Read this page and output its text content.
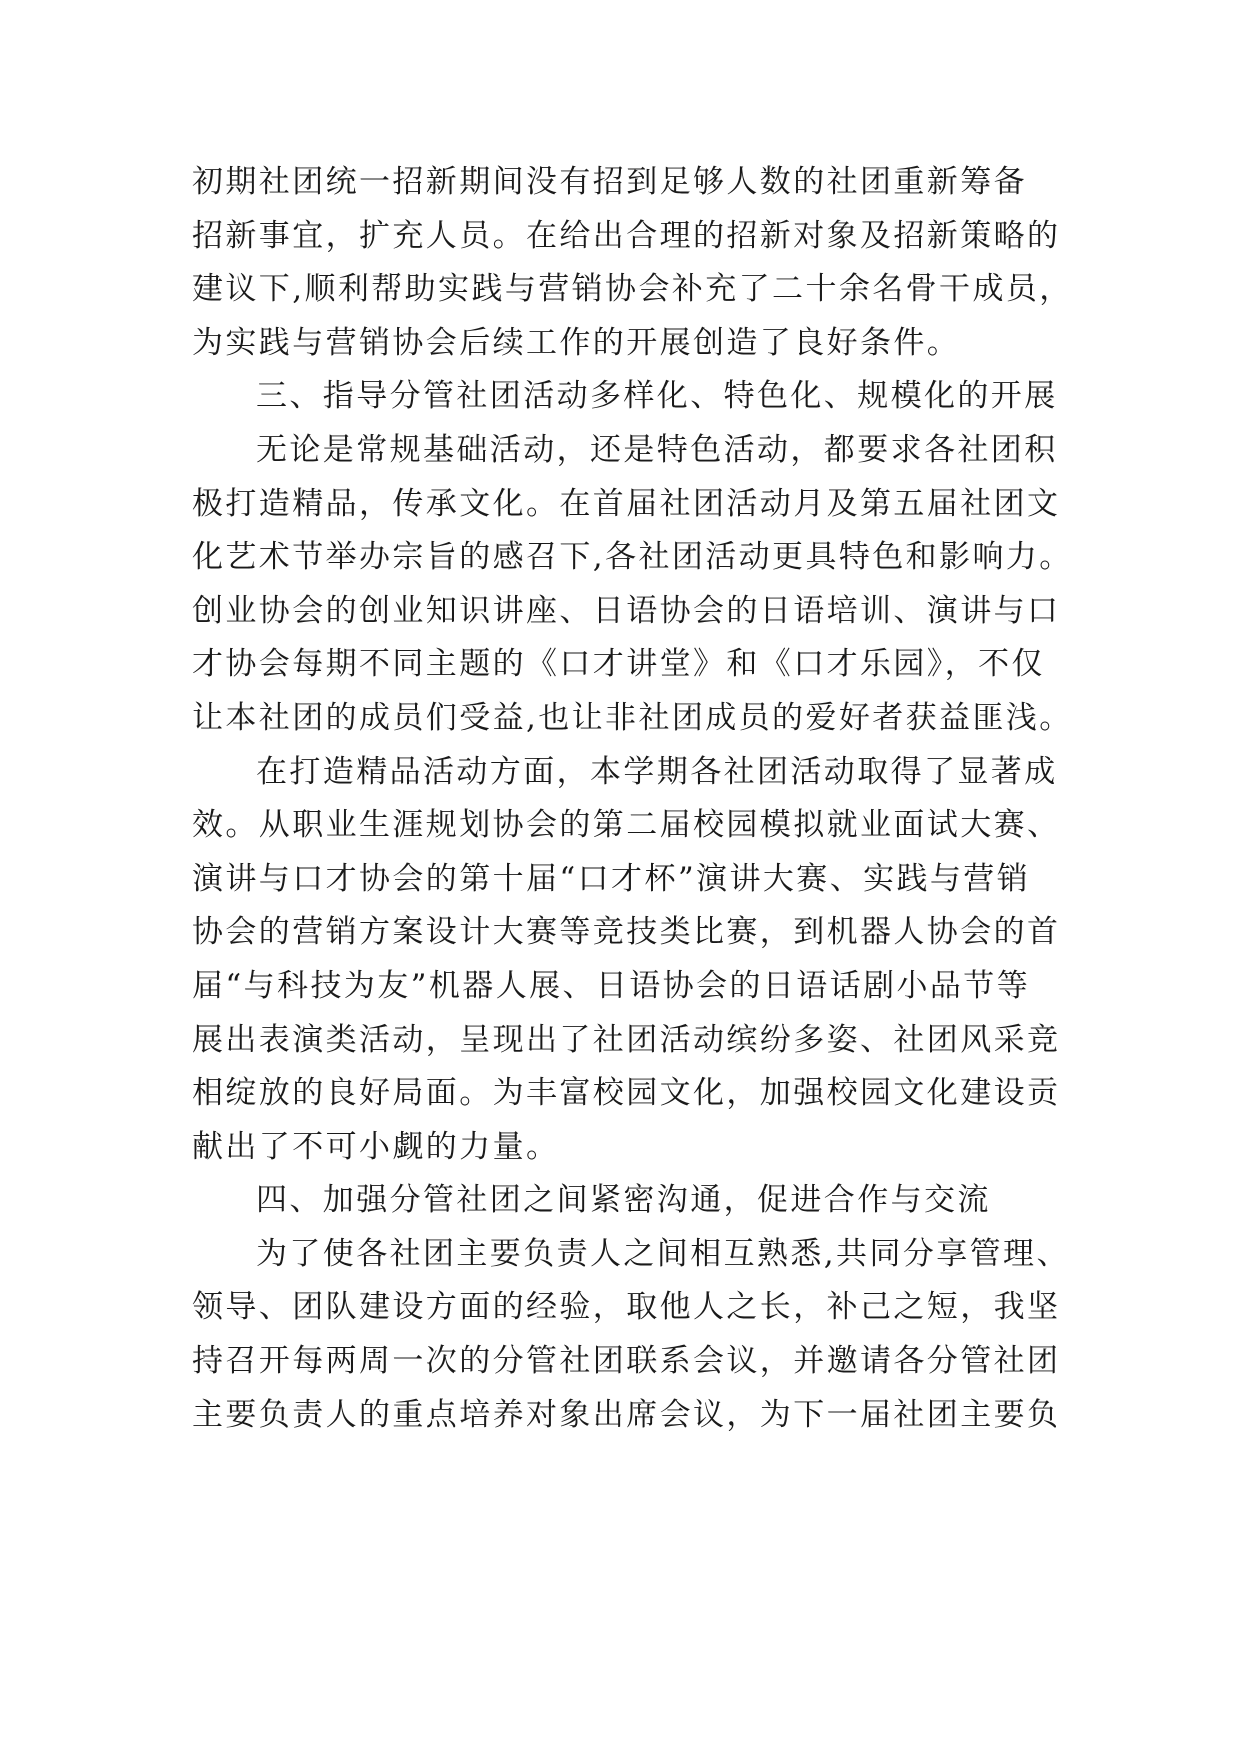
初期社团统一招新期间没有招到足够人数的社团重新筹备
招新事宜，扩充人员。在给出合理的招新对象及招新策略的
建议下,顺利帮助实践与营销协会补充了二十余名骨干成员，
为实践与营销协会后续工作的开展创造了良好条件。
三、指导分管社团活动多样化、特色化、规模化的开展
无论是常规基础活动，还是特色活动，都要求各社团积
极打造精品，传承文化。在首届社团活动月及第五届社团文
化艺术节举办宗旨的感召下,各社团活动更具特色和影响力。
创业协会的创业知识讲座、日语协会的日语培训、演讲与口
才协会每期不同主题的《口才讲堂》和《口才乐园》，不仅
让本社团的成员们受益,也让非社团成员的爱好者获益匪浅。
在打造精品活动方面，本学期各社团活动取得了显著成
效。从职业生涯规划协会的第二届校园模拟就业面试大赛、
演讲与口才协会的第十届“口才杯”演讲大赛、实践与营销
协会的营销方案设计大赛等竞技类比赛，到机器人协会的首
届“与科技为友”机器人展、日语协会的日语话剧小品节等
展出表演类活动，呈现出了社团活动缤纷多姿、社团风采竞
相绽放的良好局面。为丰富校园文化，加强校园文化建设贡
献出了不可小觑的力量。
四、加强分管社团之间紧密沟通，促进合作与交流
为了使各社团主要负责人之间相互熟悉,共同分享管理、
领导、团队建设方面的经验，取他人之长，补己之短，我坚
持召开每两周一次的分管社团联系会议，并邀请各分管社团
主要负责人的重点培养对象出席会议，为下一届社团主要负
